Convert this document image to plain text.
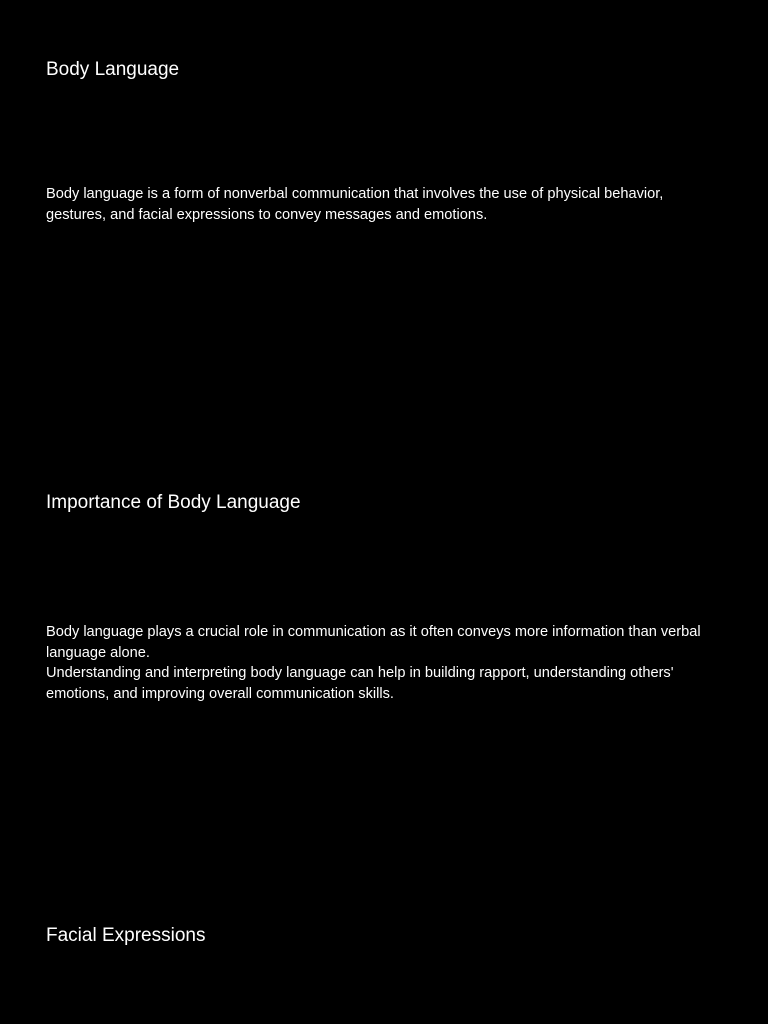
Body Language

Body language is a form of nonverbal communication that involves the use of physical behavior, gestures, and facial expressions to convey messages and emotions.

Importance of Body Language

Body language plays a crucial role in communication as it often conveys more information than verbal language alone.

Understanding and interpreting body language can help in building rapport, understanding others' emotions, and improving overall communication skills.

Facial Expressions
